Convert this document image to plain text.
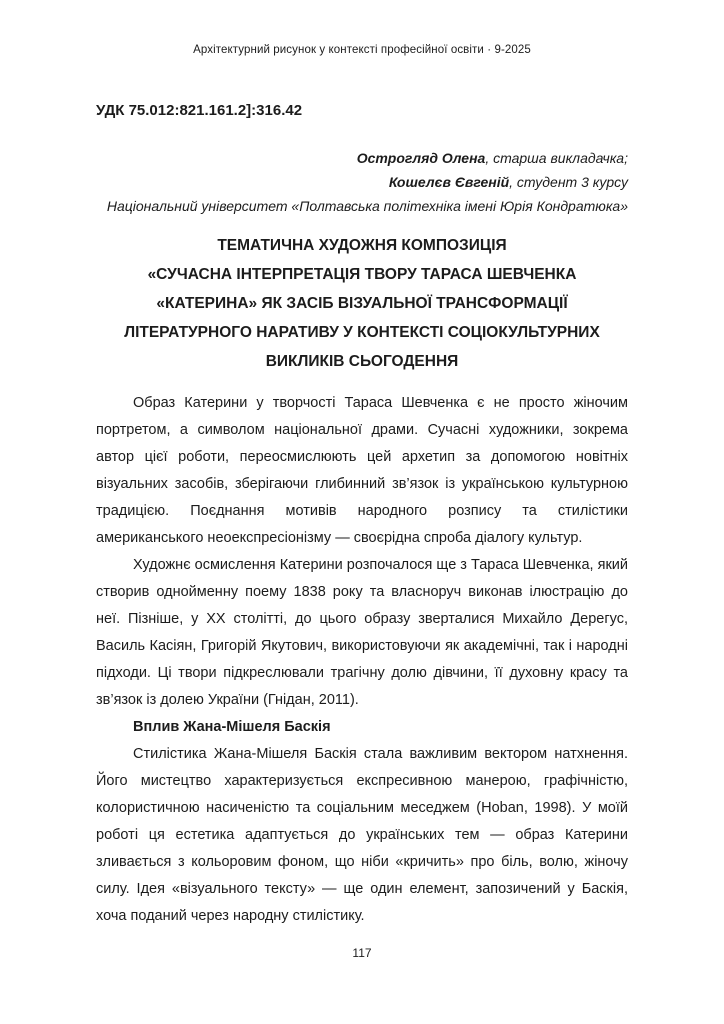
Архітектурний рисунок у контексті професійної освіти · 9-2025
УДК 75.012:821.161.2]:316.42
Острогляд Олена, старша викладачка;
Кошелєв Євгеній, студент 3 курсу
Національний університет «Полтавська політехніка імені Юрія Кондратюка»
ТЕМАТИЧНА ХУДОЖНЯ КОМПОЗИЦІЯ
«СУЧАСНА ІНТЕРПРЕТАЦІЯ ТВОРУ ТАРАСА ШЕВЧЕНКА
«КАТЕРИНА» ЯК ЗАСІБ ВІЗУАЛЬНОЇ ТРАНСФОРМАЦІЇ
ЛІТЕРАТУРНОГО НАРАТИВУ У КОНТЕКСТІ СОЦІОКУЛЬТУРНИХ
ВИКЛИКІВ СЬОГОДЕННЯ

Образ Катерини у творчості Тараса Шевченка є не просто жіночим портретом, а символом національної драми. Сучасні художники, зокрема автор цієї роботи, переосмислюють цей архетип за допомогою новітніх візуальних засобів, зберігаючи глибинний зв’язок із українською культурною традицією. Поєднання мотивів народного розпису та стилістики американського неоекспресіонізму — своєрідна спроба діалогу культур.

Художнє осмислення Катерини розпочалося ще з Тараса Шевченка, який створив однойменну поему 1838 року та власноруч виконав ілюстрацію до неї. Пізніше, у ХХ столітті, до цього образу зверталися Михайло Дерегус, Василь Касіян, Григорій Якутович, використовуючи як академічні, так і народні підходи. Ці твори підкреслювали трагічну долю дівчини, її духовну красу та зв’язок із долею України (Гнідан, 2011).

Вплив Жана-Мішеля Баскія

Стилістика Жана-Мішеля Баскія стала важливим вектором натхнення. Його мистецтво характеризується експресивною манерою, графічністю, колористичною насиченістю та соціальним меседжем (Hoban, 1998). У моїй роботі ця естетика адаптується до українських тем — образ Катерини зливається з кольоровим фоном, що ніби «кричить» про біль, волю, жіночу силу. Ідея «візуального тексту» — ще один елемент, запозичений у Баскія, хоча поданий через народну стилістику.

117
